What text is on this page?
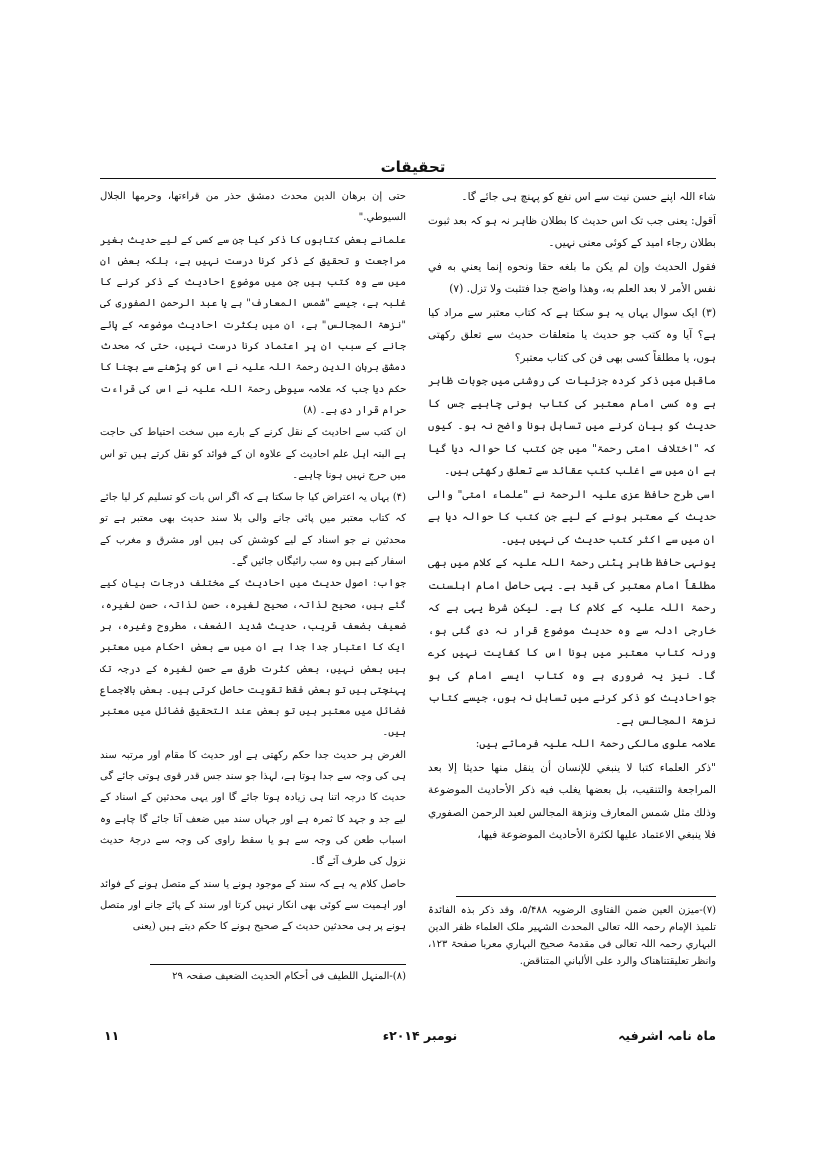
تحقیقات

شاء اللہ اپنے حسن نیت سے اس نفع کو پہنچ ہی جائے گا۔

اَقول: یعنی جب تک اس حدیث کا بطلان ظاہر نہ ہو کہ بعد ثبوت بطلان رجاء امید کے کوئی معنی نہیں۔

فقول الحديث وإن لم يكن ما بلغه حقا ونحوه إنما يعني به في نفس الأمر لا بعد العلم به، وهذا واضح جدا فتثبت ولا تزل. (۷)

(۳) ایک سوال یہاں یہ ہو سکتا ہے کہ کتاب معتبر سے مراد کیا ہے؟ آیا وہ کتب جو حدیث یا متعلقات حدیث سے تعلق رکھتی ہوں، یا مطلقاً کسی بھی فن کی کتاب معتبر؟

ماقبل میں ذکر کردہ جزئیات کی روشنی میں جوبات ظاہر ہے وہ کسی امام معتبر کی کتاب ہونی چاہیے جس کا حدیث کو بیان کرنے میں تساہل ہونا واضح نہ ہو۔ کیوں کہ "اختلاف امتی رحمۃ" میں جن کتب کا حوالہ دیا گیا ہے ان میں سے اغلب کتب عقائد سے تعلق رکھتی ہیں۔

اسی طرح حافظ عزی علیہ الرحمۃ نے "علماء امتی" والی حدیث کے معتبر ہونے کے لیے جن کتب کا حوالہ دیا ہے ان میں سے اکثر کتب حدیث کی نہیں ہیں۔

یونہی حافظ طاہر پٹنی رحمۃ اللہ علیہ کے کلام میں بھی مطلقاً امام معتبر کی قید ہے۔ یہی حاصل امام اہلسنت رحمۃ اللہ علیہ کے کلام کا ہے۔ لیکن شرط یہی ہے کہ خارجی ادلہ سے وہ حدیث موضوع قرار نہ دی گئی ہو، ورنہ کتاب معتبر میں ہونا اس کا کفایت نہیں کرے گا۔ نیز یہ ضروری ہے وہ کتاب ایسے امام کی ہو جواحادیث کو ذکر کرنے میں تساہل نہ ہوں، جیسے کتاب نزھۃ المجالس ہے۔

علامہ علوی مالکی رحمۃ اللہ علیہ فرماتے ہیں:

"ذكر العلماء كتبا لا ينبغي للإنسان أن ينقل منها حديثا إلا بعد المراجعة والتنقيب، بل بعضها يغلب فيه ذكر الأحاديث الموضوعة وذلك مثل شمس المعارف ونزهة المجالس لعبد الرحمن الصفوري فلا ينبغي الاعتماد عليها لكثرة الأحاديث الموضوعة فيها،

(۷)-میزن العین ضمن الفتاوی الرضویہ ۵/۴۸۸، وقد ذکر بذہ الفائدۃ تلمیذ الإمام رحمہ اللہ تعالی المحدث الشہیر ملک العلماء ظفر الدین البہاري رحمہ اللہ تعالی فی مقدمۃ صحیح البہاري معربا صفحۃ ۱۲۳، وانظر تعلیقتناھناک والرد علی الألباني المتناقض.

حتى إن برهان الدين محدث دمشق حذر من قراءتها، وحرمها الجلال السيوطي."

علمانے بعض کتابوں کا ذکر کیا جن سے کسی کے لیے حدیث بغیر مراجعت و تحقیق کے ذکر کرنا درست نہیں ہے، بلکہ بعض ان میں سے وہ کتب ہیں جن میں موضوع احادیث کے ذکر کرنے کا غلبہ ہے، جیسے "شمس المعارف" ہے یا عبد الرحمن الصفوری کی "نزھۃ المجالس" ہے، ان میں بکثرت احادیث موضوعہ کے پائے جانے کے سبب ان پر اعتماد کرنا درست نہیں، حتی کہ محدث دمشق برہان الدین رحمۃ اللہ علیہ نے اس کو پڑھنے سے بچنا کا حکم دیا جب کہ علامہ سیوطی رحمۃ اللہ علیہ نے اس کی قراءت حرام قرار دی ہے۔ (۸)

ان کتب سے احادیث کے نقل کرنے کے بارے میں سخت احتیاط کی حاجت ہے البتہ اہل علم احادیث کے علاوہ ان کے فوائد کو نقل کرتے ہیں تو اس میں حرج نہیں ہونا چاہیے۔

(۴) یہاں یہ اعتراض کیا جا سکتا ہے کہ اگر اس بات کو تسلیم کر لیا جائے کہ کتاب معتبر میں پائی جانے والی بلا سند حدیث بھی معتبر ہے تو محدثین نے جو اسناد کے لیے کوشش کی ہیں اور مشرق و مغرب کے اسفار کیے ہیں وہ سب رائیگاں جائیں گے۔

جواب: اصول حدیث میں احادیث کے مختلف درجات بیان کیے گئے ہیں، صحیح لذاتہ، صحیح لغیرہ، حسن لذاتہ، حسن لغیرہ، ضعیف بضعف قریب، حدیث شدید الضعف، مطروح وغیرہ، ہر ایک کا اعتبار جدا جدا ہے ان میں سے بعض احکام میں معتبر ہیں بعض نہیں، بعض کثرت طرق سے حسن لغیرہ کے درجہ تک پہنچتی ہیں تو بعض فقط تقویت حاصل کرتی ہیں۔ بعض بالاجماع فضائل میں معتبر ہیں تو بعض عند التحقیق فضائل میں معتبر ہیں۔

الغرض ہر حدیث جدا حکم رکھتی ہے اور حدیث کا مقام اور مرتبہ سند ہی کی وجہ سے جدا ہوتا ہے، لہذا جو سند جس قدر قوی ہوتی جائے گی حدیث کا درجہ اتنا ہی زیادہ ہوتا جائے گا اور یہی محدثین کے اسناد کے لیے جد و جہد کا ثمرہ ہے اور جہاں سند میں ضعف آتا جائے گا چاہے وہ اسباب طعن کی وجہ سے ہو یا سقط راوی کی وجہ سے درجۂ حدیث نزول کی طرف آئے گا۔

حاصل کلام یہ ہے کہ سند کے موجود ہونے یا سند کے متصل ہونے کے فوائد اور اہمیت سے کوئی بھی انکار نہیں کرتا اور سند کے پائے جانے اور متصل ہونے پر ہی محدثین حدیث کے صحیح ہونے کا حکم دیتے ہیں (یعنی

(۸)-المنہل اللطیف فی أحکام الحدیث الضعیف صفحہ ۲۹
ماہ نامہ اشرفیہ
نومبر ۲۰۱۴ء
۱۱
